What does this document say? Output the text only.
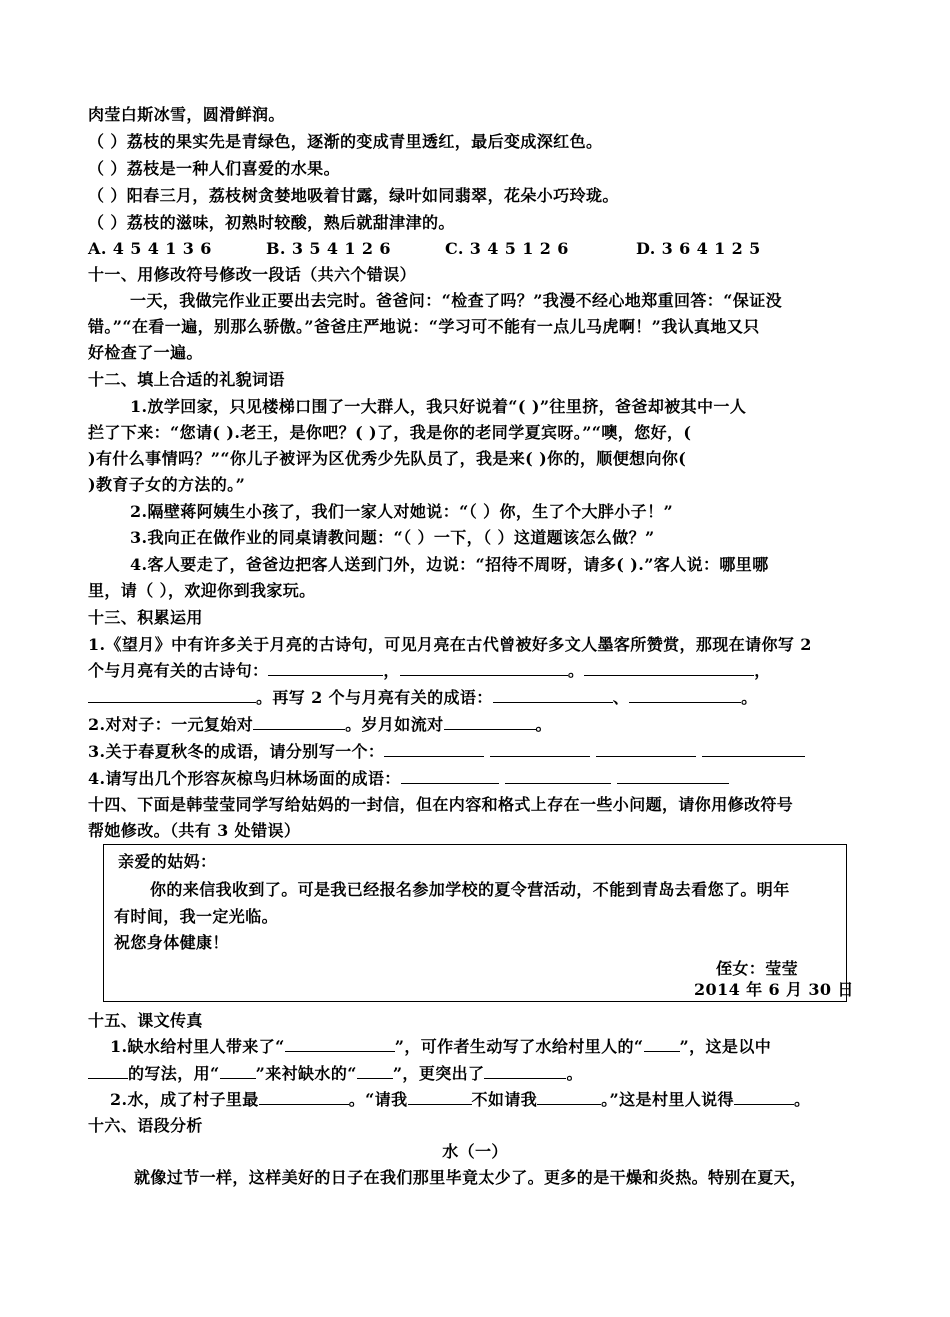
肉莹白斯冰雪，圆滑鲜润。
（ ）荔枝的果实先是青绿色，逐渐的变成青里透红，最后变成深红色。
（ ）荔枝是一种人们喜爱的水果。
（ ）阳春三月，荔枝树贪婪地吸着甘露，绿叶如同翡翠，花朵小巧玲珑。
（ ）荔枝的滋味，初熟时较酸，熟后就甜津津的。
A. 4 5 4 1 3 6	B. 3 5 4 1 2 6	C. 3 4 5 1 2 6	D. 3 6 4 1 2 5
十一、用修改符号修改一段话（共六个错误）
一天，我做完作业正要出去完时。爸爸问：“检查了吗？”我漫不经心地郑重回答：“保证没
错。”“在看一遍，别那么骄傲。”爸爸庄严地说：“学习可不能有一点儿马虎啊！”我认真地又只
好检查了一遍。
十二、填上合适的礼貌词语
1.放学回家，只见楼梯口围了一大群人，我只好说着“( )”往里挤，爸爸却被其中一人
拦了下来：“您请( ).老王，是你吧？( )了，我是你的老同学夏宾呀。”“噢，您好，(
)有什么事情吗？”“你儿子被评为区优秀少先队员了，我是来( )你的，顺便想向你(
)教育子女的方法的。”
2.隔壁蒋阿姨生小孩了，我们一家人对她说：“（ ）你，生了个大胖小子！”
3.我向正在做作业的同桌请教问题：“（ ）一下，（ ）这道题该怎么做？”
4.客人要走了，爸爸边把客人送到门外，边说：“招待不周呀，请多( ).”客人说：哪里哪
里，请（ ），欢迎你到我家玩。
十三、积累运用
1.《望月》中有许多关于月亮的古诗句，可见月亮在古代曾被好多文人墨客所赞赏，那现在请你写 2
个与月亮有关的古诗句：	，	。	，
。再写 2 个与月亮有关的成语：	、	。
2.对对子：一元复始对	。岁月如流对	。
3.关于春夏秋冬的成语，请分别写一个：
4.请写出几个形容灰椋鸟归林场面的成语：
十四、下面是韩莹莹同学写给姑妈的一封信，但在内容和格式上存在一些小问题，请你用修改符号
帮她修改。（共有 3 处错误）
亲爱的姑妈：
你的来信我收到了。可是我已经报名参加学校的夏令营活动，不能到青岛去看您了。明年
有时间，我一定光临。
祝您身体健康！
侄女：莹莹
2014 年 6 月 30 日
十五、课文传真
1.缺水给村里人带来了“	”，可作者生动写了水给村里人的“ ”，这是以中
的写法，用“ ”来衬缺水的“ ”，更突出了	。
2.水，成了村子里最	。“请我	不如请我	。”这是村里人说得	。
十六、语段分析
水（一）
就像过节一样，这样美好的日子在我们那里毕竟太少了。更多的是干燥和炎热。特别在夏天，
